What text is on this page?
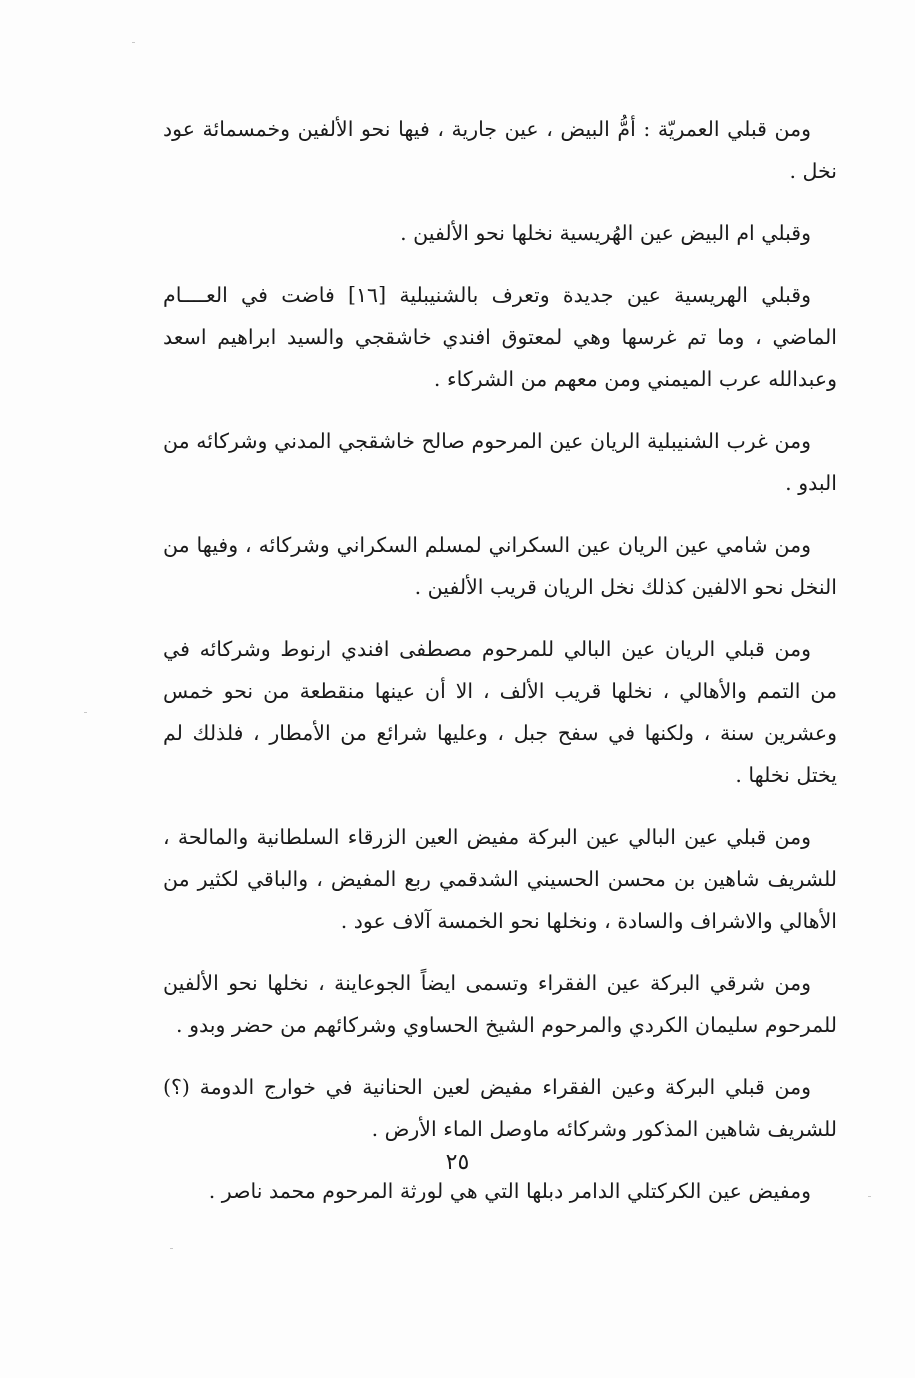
ومن قبلي العمريّة : أمُّ البيض ، عين جارية ، فيها نحو الألفين وخمسمائة عود نخل .

وقبلي ام البيض عين الهُريسية نخلها نحو الألفين .

وقبلي الهريسية عين جديدة وتعرف بالشنيبلية [١٦] فاضت في العــــام الماضي ، وما تم غرسها وهي لمعتوق افندي خاشقجي والسيد ابراهيم اسعد وعبدالله عرب الميمني ومن معهم من الشركاء .

ومن غرب الشنيبلية الريان عين المرحوم صالح خاشقجي المدني وشركائه من البدو .

ومن شامي عين الريان عين السكراني لمسلم السكراني وشركائه ، وفيها من النخل نحو الالفين كذلك نخل الريان قريب الألفين .

ومن قبلي الريان عين البالي للمرحوم مصطفى افندي ارنوط وشركائه في من التمم والأهالي ، نخلها قريب الألف ، الا أن عينها منقطعة من نحو خمس وعشرين سنة ، ولكنها في سفح جبل ، وعليها شرائع من الأمطار ، فلذلك لم يختل نخلها .

ومن قبلي عين البالي عين البركة مفيض العين الزرقاء السلطانية والمالحة ، للشريف شاهين بن محسن الحسيني الشدقمي ربع المفيض ، والباقي لكثير من الأهالي والاشراف والسادة ، ونخلها نحو الخمسة آلاف عود .

ومن شرقي البركة عين الفقراء وتسمى ايضاً الجوعاينة ، نخلها نحو الألفين للمرحوم سليمان الكردي والمرحوم الشيخ الحساوي وشركائهم من حضر وبدو .

ومن قبلي البركة وعين الفقراء مفيض لعين الحنانية في خوارج الدومة (؟) للشريف شاهين المذكور وشركائه ماوصل الماء الأرض .

ومفيض عين الكركتلي الدامر دبلها التي هي لورثة المرحوم محمد ناصر .

٢٥
